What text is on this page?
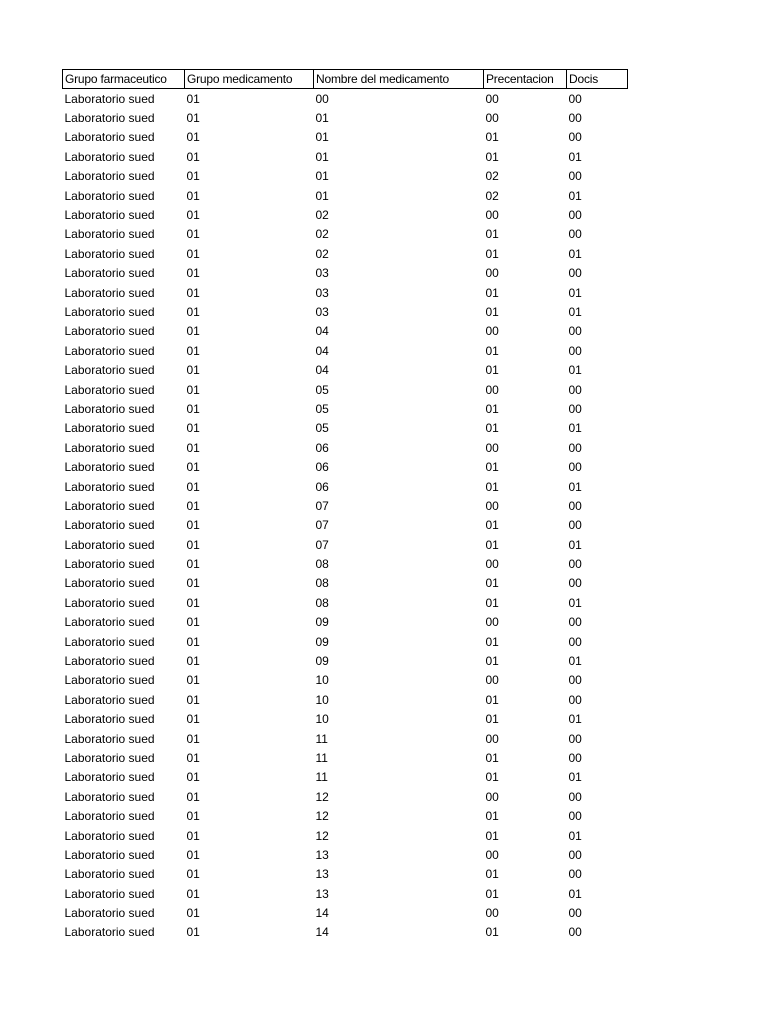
Grupo farmaceutico	Grupo medicamento	Nombre del medicamento	Precentacion	Docis
Laboratorio sued	01	00	00	00
Laboratorio sued	01	01	00	00
Laboratorio sued	01	01	01	00
Laboratorio sued	01	01	01	01
Laboratorio sued	01	01	02	00
Laboratorio sued	01	01	02	01
Laboratorio sued	01	02	00	00
Laboratorio sued	01	02	01	00
Laboratorio sued	01	02	01	01
Laboratorio sued	01	03	00	00
Laboratorio sued	01	03	01	01
Laboratorio sued	01	03	01	01
Laboratorio sued	01	04	00	00
Laboratorio sued	01	04	01	00
Laboratorio sued	01	04	01	01
Laboratorio sued	01	05	00	00
Laboratorio sued	01	05	01	00
Laboratorio sued	01	05	01	01
Laboratorio sued	01	06	00	00
Laboratorio sued	01	06	01	00
Laboratorio sued	01	06	01	01
Laboratorio sued	01	07	00	00
Laboratorio sued	01	07	01	00
Laboratorio sued	01	07	01	01
Laboratorio sued	01	08	00	00
Laboratorio sued	01	08	01	00
Laboratorio sued	01	08	01	01
Laboratorio sued	01	09	00	00
Laboratorio sued	01	09	01	00
Laboratorio sued	01	09	01	01
Laboratorio sued	01	10	00	00
Laboratorio sued	01	10	01	00
Laboratorio sued	01	10	01	01
Laboratorio sued	01	11	00	00
Laboratorio sued	01	11	01	00
Laboratorio sued	01	11	01	01
Laboratorio sued	01	12	00	00
Laboratorio sued	01	12	01	00
Laboratorio sued	01	12	01	01
Laboratorio sued	01	13	00	00
Laboratorio sued	01	13	01	00
Laboratorio sued	01	13	01	01
Laboratorio sued	01	14	00	00
Laboratorio sued	01	14	01	00
